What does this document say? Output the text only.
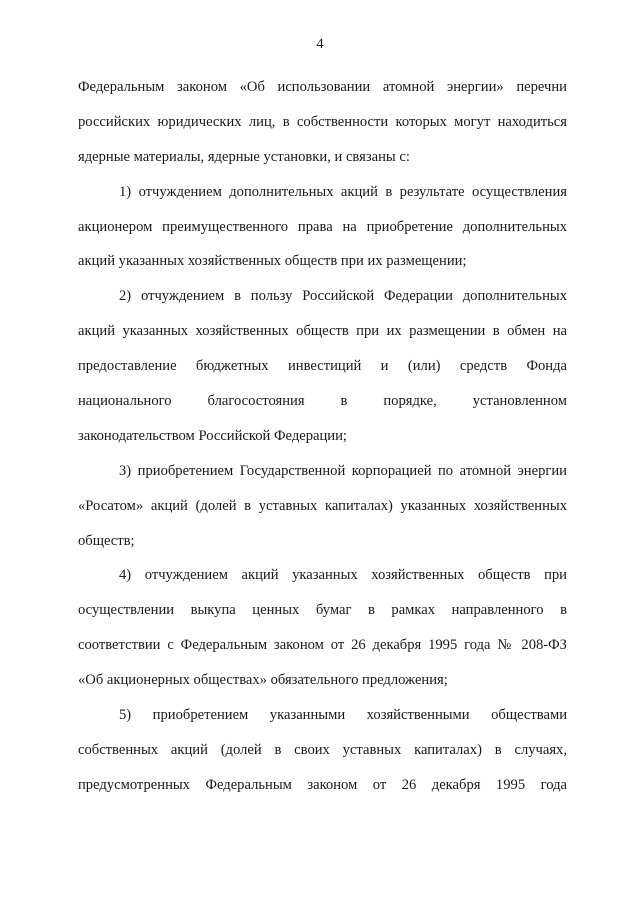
4
Федеральным законом «Об использовании атомной энергии» перечни
российских юридических лиц, в собственности которых могут находиться
ядерные материалы, ядерные установки, и связаны с:
1) отчуждением дополнительных акций в результате осуществления
акционером преимущественного права на приобретение дополнительных
акций указанных хозяйственных обществ при их размещении;
2) отчуждением в пользу Российской Федерации дополнительных
акций указанных хозяйственных обществ при их размещении в обмен на
предоставление бюджетных инвестиций и (или) средств Фонда
национального благосостояния в порядке, установленном
законодательством Российской Федерации;
3) приобретением Государственной корпорацией по атомной энергии
«Росатом» акций (долей в уставных капиталах) указанных хозяйственных
обществ;
4) отчуждением акций указанных хозяйственных обществ при
осуществлении выкупа ценных бумаг в рамках направленного в
соответствии с Федеральным законом от 26 декабря 1995 года № 208-ФЗ
«Об акционерных обществах» обязательного предложения;
5) приобретением указанными хозяйственными обществами
собственных акций (долей в своих уставных капиталах) в случаях,
предусмотренных Федеральным законом от 26 декабря 1995 года
